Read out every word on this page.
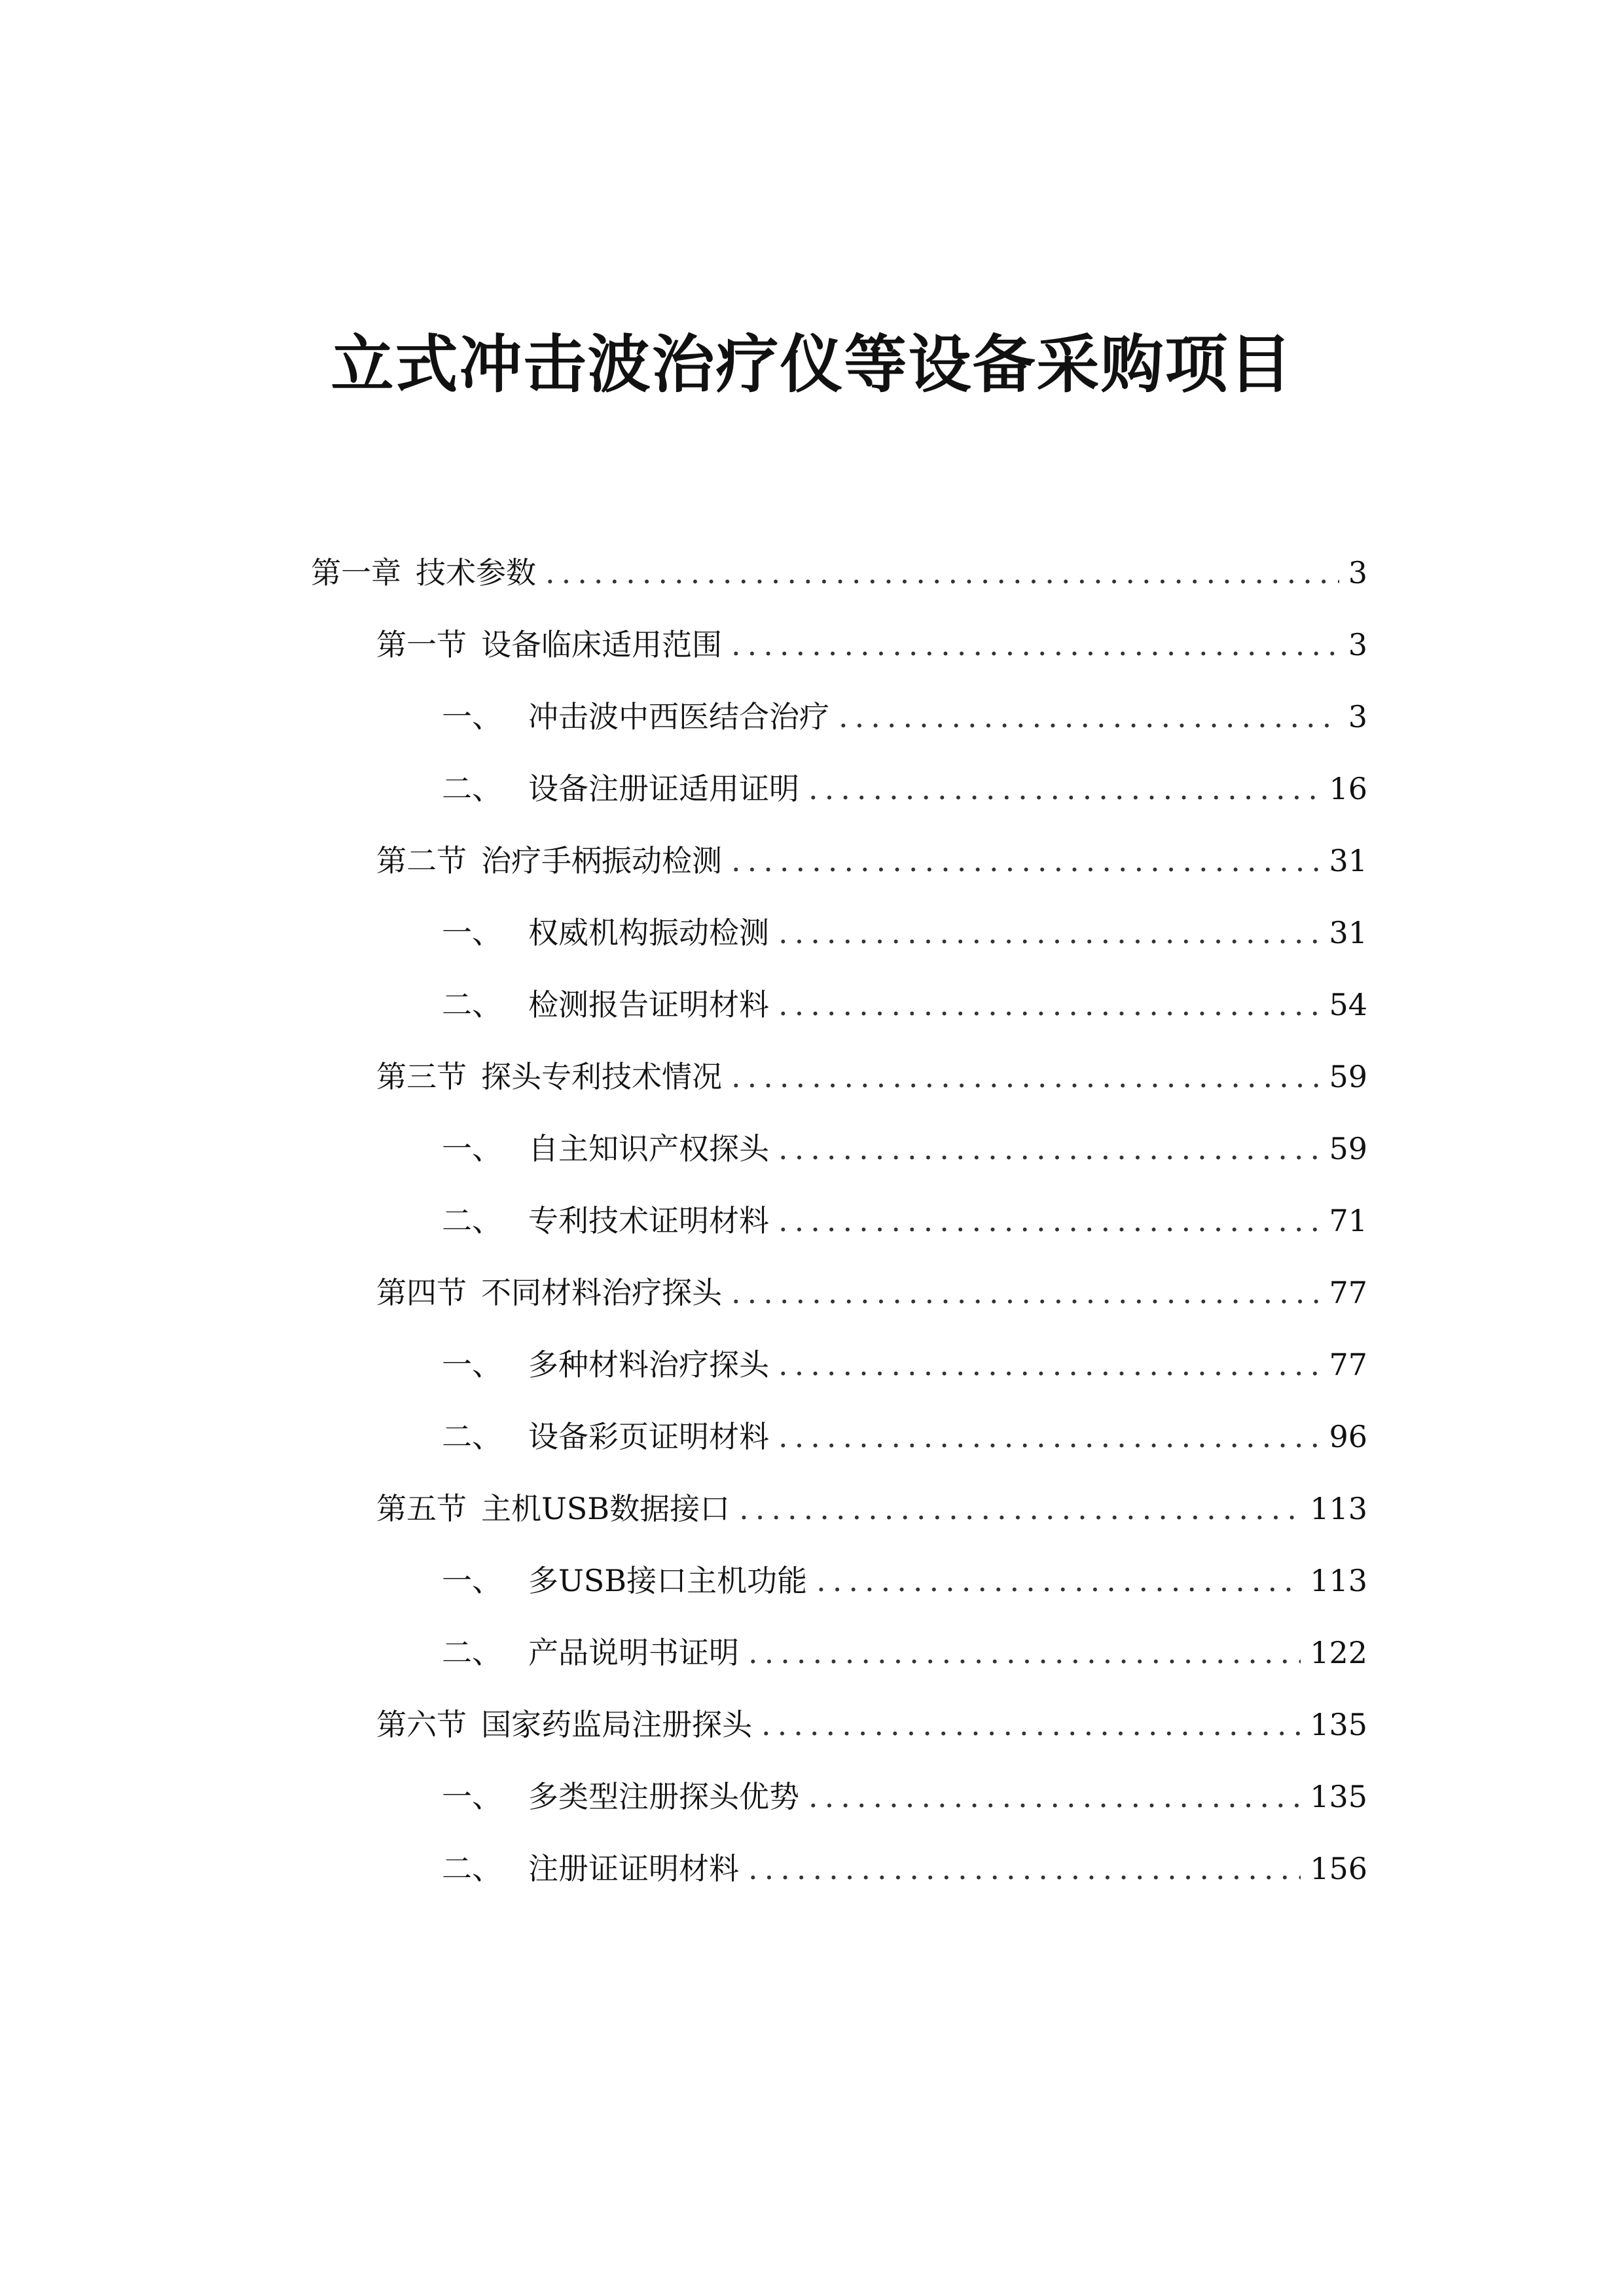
立式冲击波治疗仪等设备采购项目
第一章 技术参数 .....	3
第一节 设备临床适用范围 .....	3
一、 冲击波中西医结合治疗 .....	3
二、 设备注册证适用证明 .....	16
第二节 治疗手柄振动检测 .....	31
一、 权威机构振动检测 .....	31
二、 检测报告证明材料 .....	54
第三节 探头专利技术情况 .....	59
一、 自主知识产权探头 .....	59
二、 专利技术证明材料 .....	71
第四节 不同材料治疗探头 .....	77
一、 多种材料治疗探头 .....	77
二、 设备彩页证明材料 .....	96
第五节 主机USB数据接口 .....	113
一、 多USB接口主机功能 .....	113
二、 产品说明书证明 .....	122
第六节 国家药监局注册探头 .....	135
一、 多类型注册探头优势 .....	135
二、 注册证证明材料 .....	156
